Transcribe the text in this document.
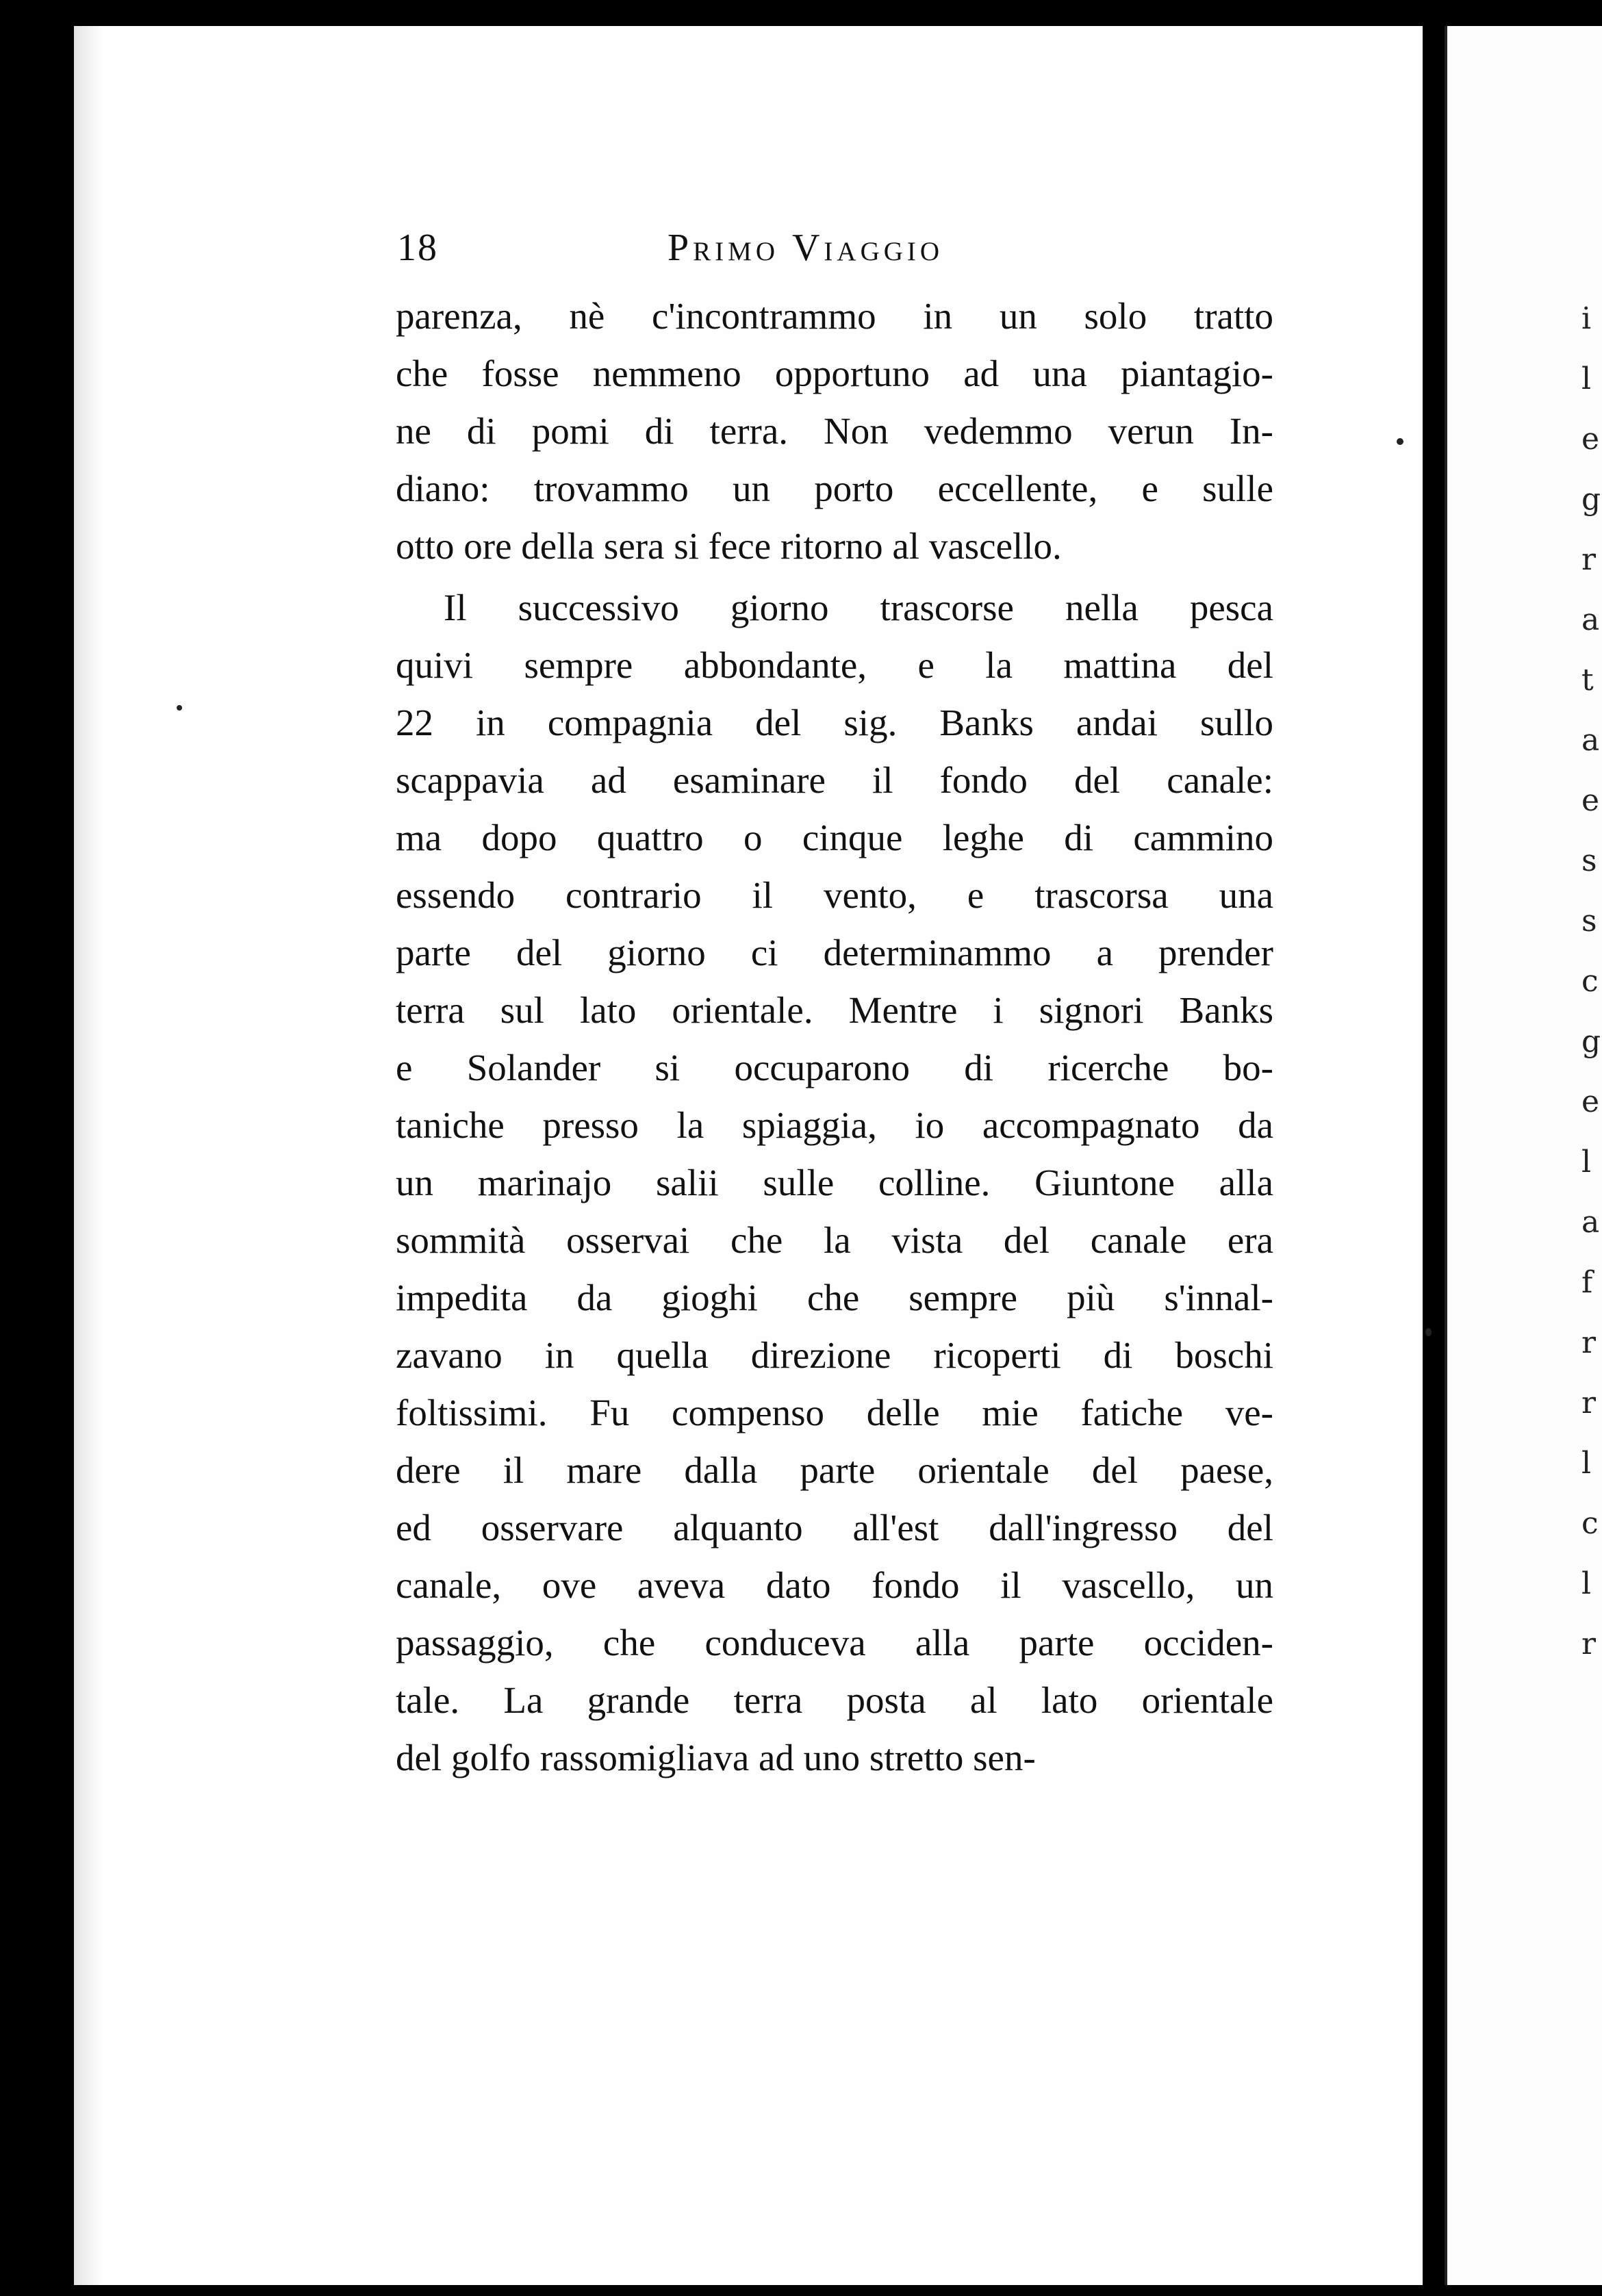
i
l
e
g
r
a
t
a
e
s
s
c
g
e
l
a
f
r
r
l
c
l
r
18	Primo Viaggio
parenza, nè c'incontrammo in un solo tratto
che fosse nemmeno opportuno ad una piantagio-
ne di pomi di terra. Non vedemmo verun In-
diano: trovammo un porto eccellente, e sulle
otto ore della sera si fece ritorno al vascello.
Il successivo giorno trascorse nella pesca
quivi sempre abbondante, e la mattina del
22 in compagnia del sig. Banks andai sullo
scappavia ad esaminare il fondo del canale:
ma dopo quattro o cinque leghe di cammino
essendo contrario il vento, e trascorsa una
parte del giorno ci determinammo a prender
terra sul lato orientale. Mentre i signori Banks
e Solander si occuparono di ricerche bo-
taniche presso la spiaggia, io accompagnato da
un marinajo salii sulle colline. Giuntone alla
sommità osservai che la vista del canale era
impedita da gioghi che sempre più s'innal-
zavano in quella direzione ricoperti di boschi
foltissimi. Fu compenso delle mie fatiche ve-
dere il mare dalla parte orientale del paese,
ed osservare alquanto all'est dall'ingresso del
canale, ove aveva dato fondo il vascello, un
passaggio, che conduceva alla parte occiden-
tale. La grande terra posta al lato orientale
del golfo rassomigliava ad uno stretto sen-
